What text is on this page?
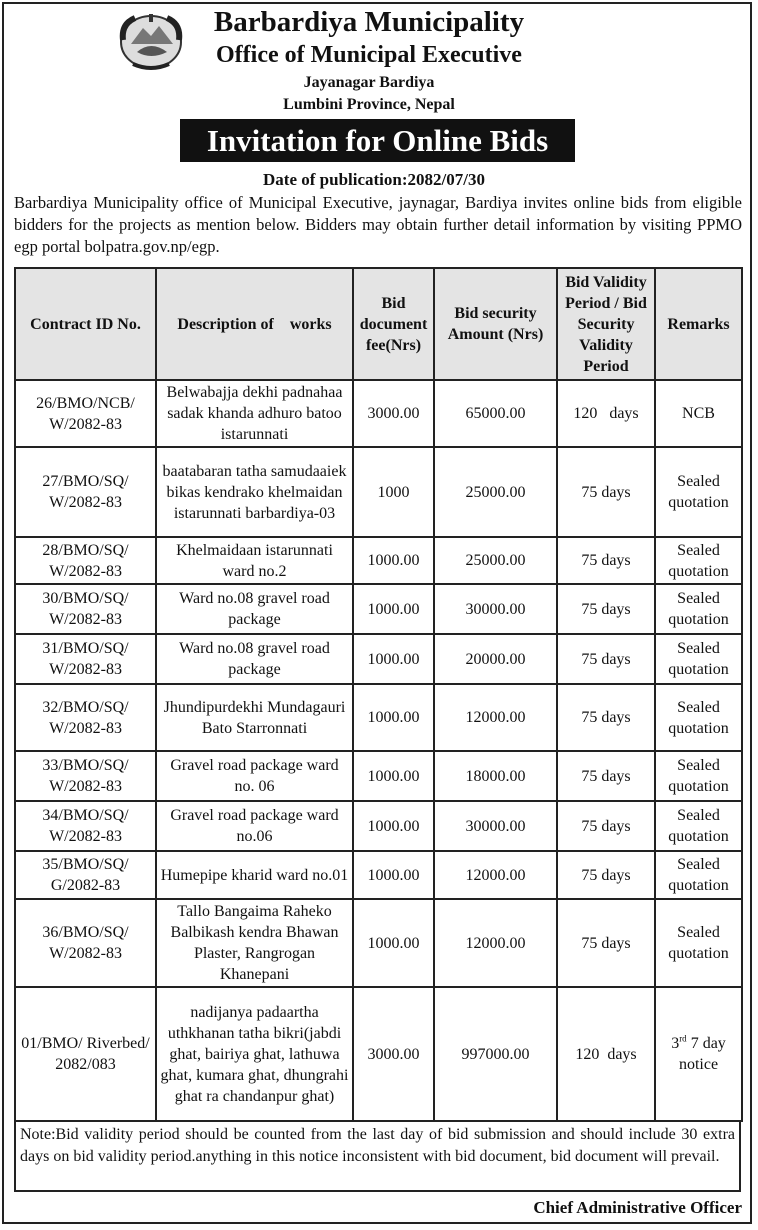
Barbardiya Municipality
Office of Municipal Executive
Jayanagar Bardiya
Lumbini Province, Nepal
Invitation for Online Bids
Date of publication:2082/07/30
Barbardiya Municipality office of Municipal Executive, jaynagar, Bardiya invites online bids from eligible bidders for the projects as mention below. Bidders may obtain further detail information by visiting PPMO egp portal bolpatra.gov.np/egp.
Contract ID No.	Description of    works	Bid document fee(Nrs)	Bid security Amount (Nrs)	Bid Validity Period / Bid Security Validity Period	Remarks
26/BMO/NCB/ W/2082-83	Belwabajja dekhi padnahaa sadak khanda adhuro batoo istarunnati	3000.00	65000.00	120   days	NCB
27/BMO/SQ/ W/2082-83	baatabaran tatha samudaaiek bikas kendrako khelmaidan istarunnati barbardiya-03	1000	25000.00	75 days	Sealed quotation
28/BMO/SQ/ W/2082-83	Khelmaidaan istarunnati ward no.2	1000.00	25000.00	75 days	Sealed quotation
30/BMO/SQ/ W/2082-83	Ward no.08 gravel road package	1000.00	30000.00	75 days	Sealed quotation
31/BMO/SQ/ W/2082-83	Ward no.08 gravel road package	1000.00	20000.00	75 days	Sealed quotation
32/BMO/SQ/ W/2082-83	Jhundipurdekhi Mundagauri Bato Starronnati	1000.00	12000.00	75 days	Sealed quotation
33/BMO/SQ/ W/2082-83	Gravel road package ward no. 06	1000.00	18000.00	75 days	Sealed quotation
34/BMO/SQ/ W/2082-83	Gravel road package ward no.06	1000.00	30000.00	75 days	Sealed quotation
35/BMO/SQ/ G/2082-83	Humepipe kharid ward no.01	1000.00	12000.00	75 days	Sealed quotation
36/BMO/SQ/ W/2082-83	Tallo Bangaima Raheko Balbikash kendra Bhawan Plaster, Rangrogan Khanepani	1000.00	12000.00	75 days	Sealed quotation
01/BMO/ Riverbed/ 2082/083	nadijanya padaartha uthkhanan tatha bikri(jabdi ghat, bairiya ghat, lathuwa ghat, kumara ghat, dhungrahi ghat ra chandanpur ghat)	3000.00	997000.00	120  days	3rd 7 day notice
Note:Bid validity period should be counted from the last day of bid submission and should include 30 extra days on bid validity period.anything in this notice inconsistent with bid document, bid document will prevail.
Chief Administrative Officer
